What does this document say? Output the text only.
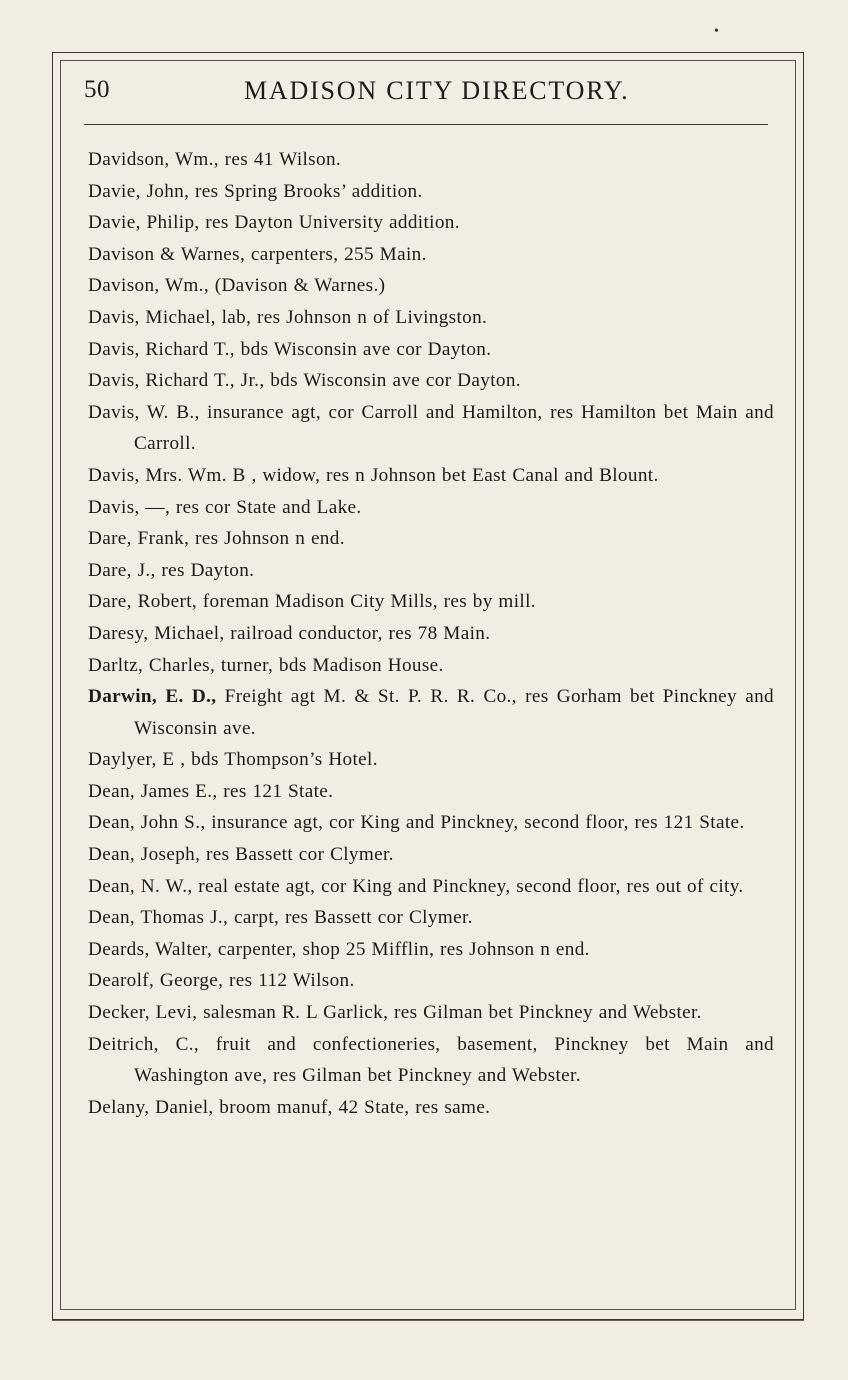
•
50	MADISON CITY DIRECTORY.
Davidson, Wm., res 41 Wilson.
Davie, John, res Spring Brooks’ addition.
Davie, Philip, res Dayton University addition.
Davison & Warnes, carpenters, 255 Main.
Davison, Wm., (Davison & Warnes.)
Davis, Michael, lab, res Johnson n of Livingston.
Davis, Richard T., bds Wisconsin ave cor Dayton.
Davis, Richard T., Jr., bds Wisconsin ave cor Dayton.
Davis, W. B., insurance agt, cor Carroll and Hamilton, res Hamilton bet Main and Carroll.
Davis, Mrs. Wm. B , widow, res n Johnson bet East Canal and Blount.
Davis, —, res cor State and Lake.
Dare, Frank, res Johnson n end.
Dare, J., res Dayton.
Dare, Robert, foreman Madison City Mills, res by mill.
Daresy, Michael, railroad conductor, res 78 Main.
Darltz, Charles, turner, bds Madison House.
Darwin, E. D., Freight agt M. & St. P. R. R. Co., res Gorham bet Pinckney and Wisconsin ave.
Daylyer, E , bds Thompson’s Hotel.
Dean, James E., res 121 State.
Dean, John S., insurance agt, cor King and Pinckney, second floor, res 121 State.
Dean, Joseph, res Bassett cor Clymer.
Dean, N. W., real estate agt, cor King and Pinckney, second floor, res out of city.
Dean, Thomas J., carpt, res Bassett cor Clymer.
Deards, Walter, carpenter, shop 25 Mifflin, res Johnson n end.
Dearolf, George, res 112 Wilson.
Decker, Levi, salesman R. L Garlick, res Gilman bet Pinckney and Webster.
Deitrich, C., fruit and confectioneries, basement, Pinckney bet Main and Washington ave, res Gilman bet Pinckney and Webster.
Delany, Daniel, broom manuf, 42 State, res same.
